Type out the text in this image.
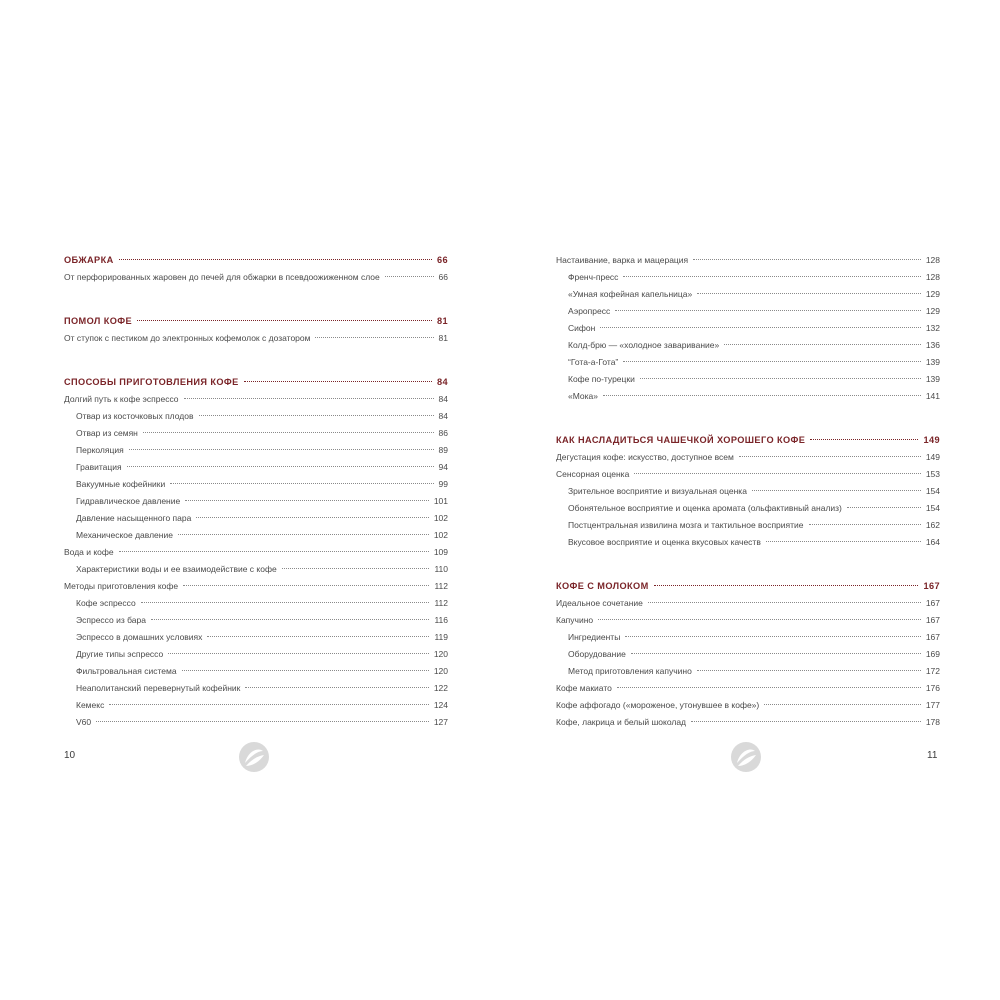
ОБЖАРКА	66
От перфорированных жаровен до печей для обжарки в псевдоожиженном слое	66
ПОМОЛ КОФЕ	81
От ступок с пестиком до электронных кофемолок с дозатором	81
СПОСОБЫ ПРИГОТОВЛЕНИЯ КОФЕ	84
Долгий путь к кофе эспрессо	84
Отвар из косточковых плодов	84
Отвар из семян	86
Перколяция	89
Гравитация	94
Вакуумные кофейники	99
Гидравлическое давление	101
Давление насыщенного пара	102
Механическое давление	102
Вода и кофе	109
Характеристики воды и ее взаимодействие с кофе	110
Методы приготовления кофе	112
Кофе эспрессо	112
Эспрессо из бара	116
Эспрессо в домашних условиях	119
Другие типы эспрессо	120
Фильтровальная система	120
Неаполитанский перевернутый кофейник	122
Кемекс	124
V60	127
Настаивание, варка и мацерация	128
Френч-пресс	128
«Умная кофейная капельница»	129
Аэропресс	129
Сифон	132
Колд-брю — «холодное заваривание»	136
“Гота-а-Гота”	139
Кофе по-турецки	139
«Мока»	141
КАК НАСЛАДИТЬСЯ ЧАШЕЧКОЙ ХОРОШЕГО КОФЕ	149
Дегустация кофе: искусство, доступное всем	149
Сенсорная оценка	153
Зрительное восприятие и визуальная оценка	154
Обонятельное восприятие и оценка аромата (ольфактивный анализ)	154
Постцентральная извилина мозга и тактильное восприятие	162
Вкусовое восприятие и оценка вкусовых качеств	164
КОФЕ С МОЛОКОМ	167
Идеальное сочетание	167
Капучино	167
Ингредиенты	167
Оборудование	169
Метод приготовления капучино	172
Кофе макиато	176
Кофе аффогадо («мороженое, утонувшее в кофе»)	177
Кофе, лакрица и белый шоколад	178
10	11
